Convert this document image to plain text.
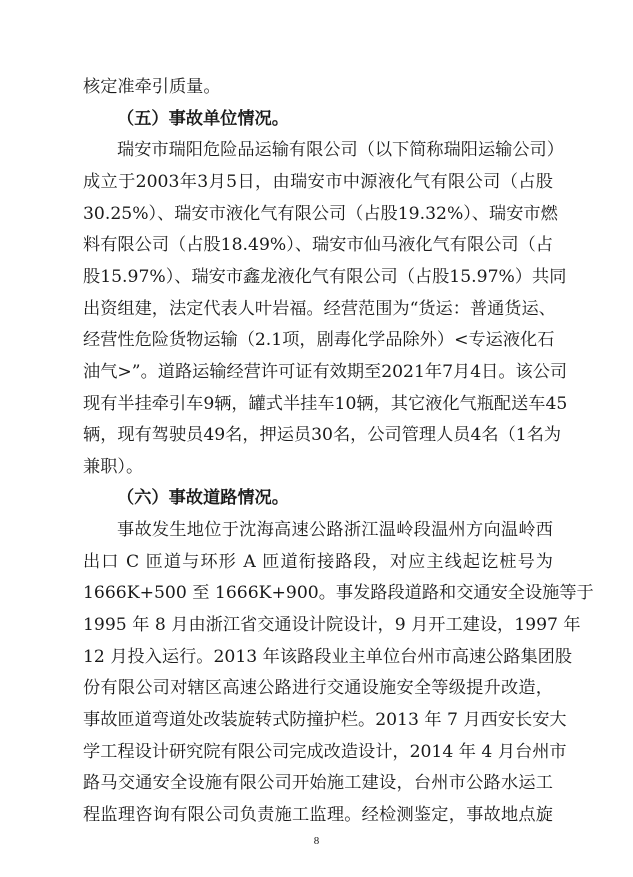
核定准牵引质量。
（五）事故单位情况。
瑞安市瑞阳危险品运输有限公司（以下简称瑞阳运输公司）
成立于2003年3月5日，由瑞安市中源液化气有限公司（占股
30.25%）、瑞安市液化气有限公司（占股19.32%）、瑞安市燃
料有限公司（占股18.49%）、瑞安市仙马液化气有限公司（占
股15.97%）、瑞安市鑫龙液化气有限公司（占股15.97%）共同
出资组建，法定代表人叶岩福。经营范围为“货运：普通货运、
经营性危险货物运输（2.1项，剧毒化学品除外）<专运液化石
油气>”。道路运输经营许可证有效期至2021年7月4日。该公司
现有半挂牵引车9辆，罐式半挂车10辆，其它液化气瓶配送车45
辆，现有驾驶员49名，押运员30名，公司管理人员4名（1名为
兼职）。
（六）事故道路情况。
事故发生地位于沈海高速公路浙江温岭段温州方向温岭西
出口 C 匝道与环形 A 匝道衔接路段，对应主线起讫桩号为
1666K+500 至 1666K+900。事发路段道路和交通安全设施等于
1995 年 8 月由浙江省交通设计院设计，9 月开工建设，1997 年
12 月投入运行。2013 年该路段业主单位台州市高速公路集团股
份有限公司对辖区高速公路进行交通设施安全等级提升改造，
事故匝道弯道处改装旋转式防撞护栏。2013 年 7 月西安长安大
学工程设计研究院有限公司完成改造设计，2014 年 4 月台州市
路马交通安全设施有限公司开始施工建设，台州市公路水运工
8
程监理咨询有限公司负责施工监理。经检测鉴定，事故地点旋
